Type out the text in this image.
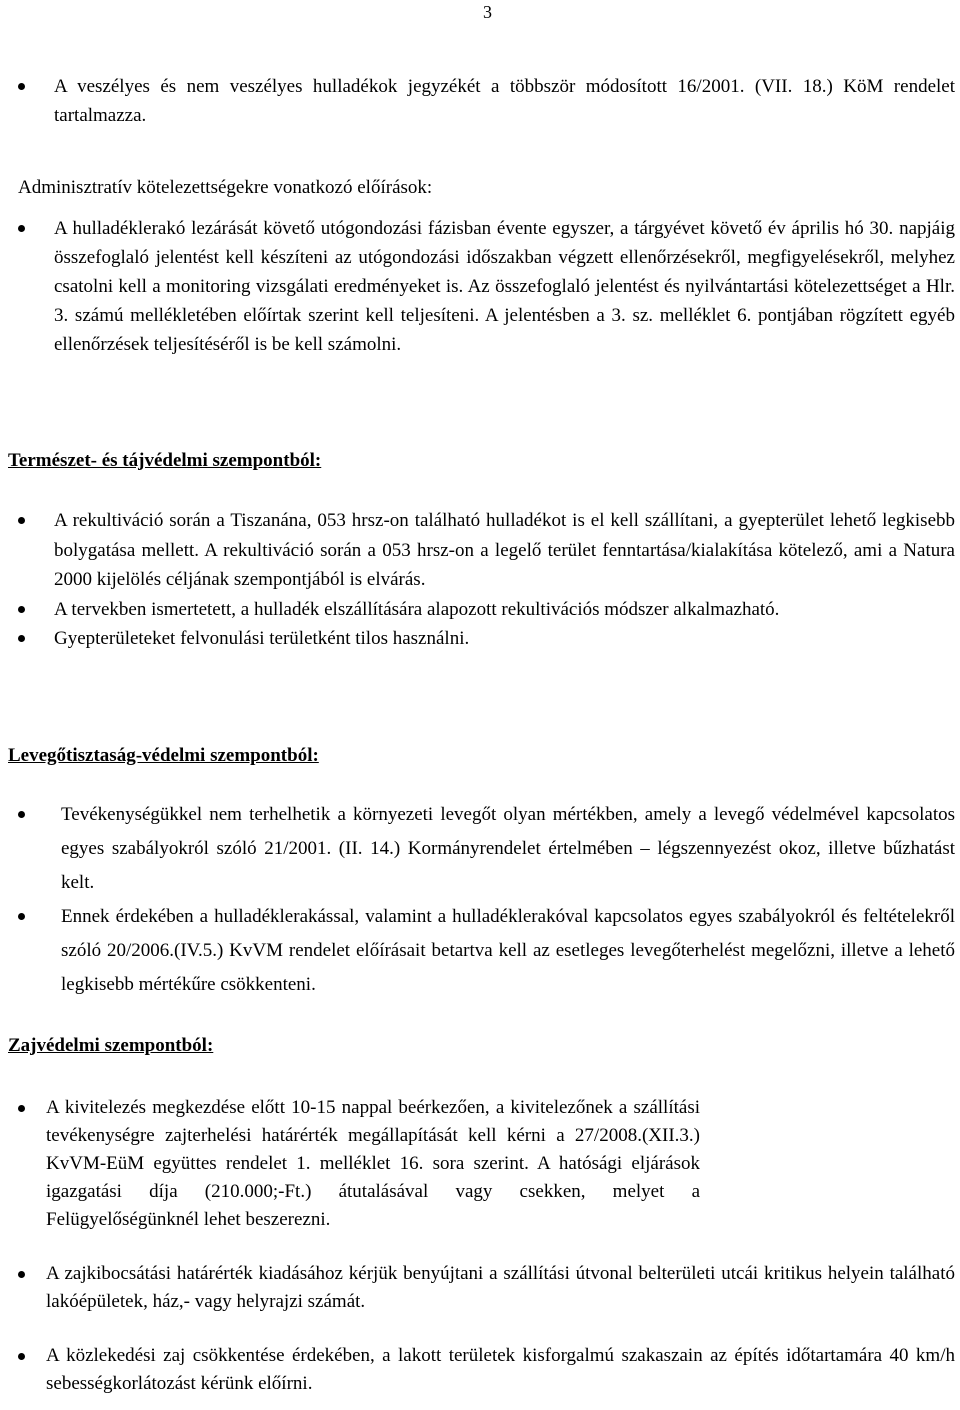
3
A veszélyes és nem veszélyes hulladékok jegyzékét a többször módosított 16/2001. (VII. 18.) KöM rendelet tartalmazza.

Adminisztratív kötelezettségekre vonatkozó előírások:

A hulladéklerakó lezárását követő utógondozási fázisban évente egyszer, a tárgyévet követő év április hó 30. napjáig összefoglaló jelentést kell készíteni az utógondozási időszakban végzett ellenőrzésekről, megfigyelésekről, melyhez csatolni kell a monitoring vizsgálati eredményeket is. Az összefoglaló jelentést és nyilvántartási kötelezettséget a Hlr. 3. számú mellékletében előírtak szerint kell teljesíteni. A jelentésben a 3. sz. melléklet 6. pontjában rögzített egyéb ellenőrzések teljesítéséről is be kell számolni.
Természet- és tájvédelmi szempontból:
A rekultiváció során a Tiszanána, 053 hrsz-on található hulladékot is el kell szállítani, a gyepterület lehető legkisebb bolygatása mellett. A rekultiváció során a 053 hrsz-on a legelő terület fenntartása/kialakítása kötelező, ami a Natura 2000 kijelölés céljának szempontjából is elvárás.
A tervekben ismertetett, a hulladék elszállítására alapozott rekultivációs módszer alkalmazható.
Gyepterületeket felvonulási területként tilos használni.
Levegőtisztaság-védelmi szempontból:
Tevékenységükkel nem terhelhetik a környezeti levegőt olyan mértékben, amely a levegő védelmével kapcsolatos egyes szabályokról szóló 21/2001. (II. 14.) Kormányrendelet értelmében – légszennyezést okoz, illetve bűzhatást kelt.
Ennek érdekében a hulladéklerakással, valamint a hulladéklerakóval kapcsolatos egyes szabályokról és feltételekről szóló 20/2006.(IV.5.) KvVM rendelet előírásait betartva kell az esetleges levegőterhelést megelőzni, illetve a lehető legkisebb mértékűre csökkenteni.
Zajvédelmi szempontból:
A kivitelezés megkezdése előtt 10-15 nappal beérkezően, a kivitelezőnek a szállítási tevékenységre zajterhelési határérték megállapítását kell kérni a 27/2008.(XII.3.) KvVM-EüM együttes rendelet 1. melléklet 16. sora szerint. A hatósági eljárások igazgatási díja (210.000;-Ft.) átutalásával vagy csekken, melyet a Felügyelőségünknél lehet beszerezni.
A zajkibocsátási határérték kiadásához kérjük benyújtani a szállítási útvonal belterületi utcái kritikus helyein található lakóépületek, ház,- vagy helyrajzi számát.
A közlekedési zaj csökkentése érdekében, a lakott területek kisforgalmú szakaszain az építés időtartamára 40 km/h sebességkorlátozást kérünk előírni.
